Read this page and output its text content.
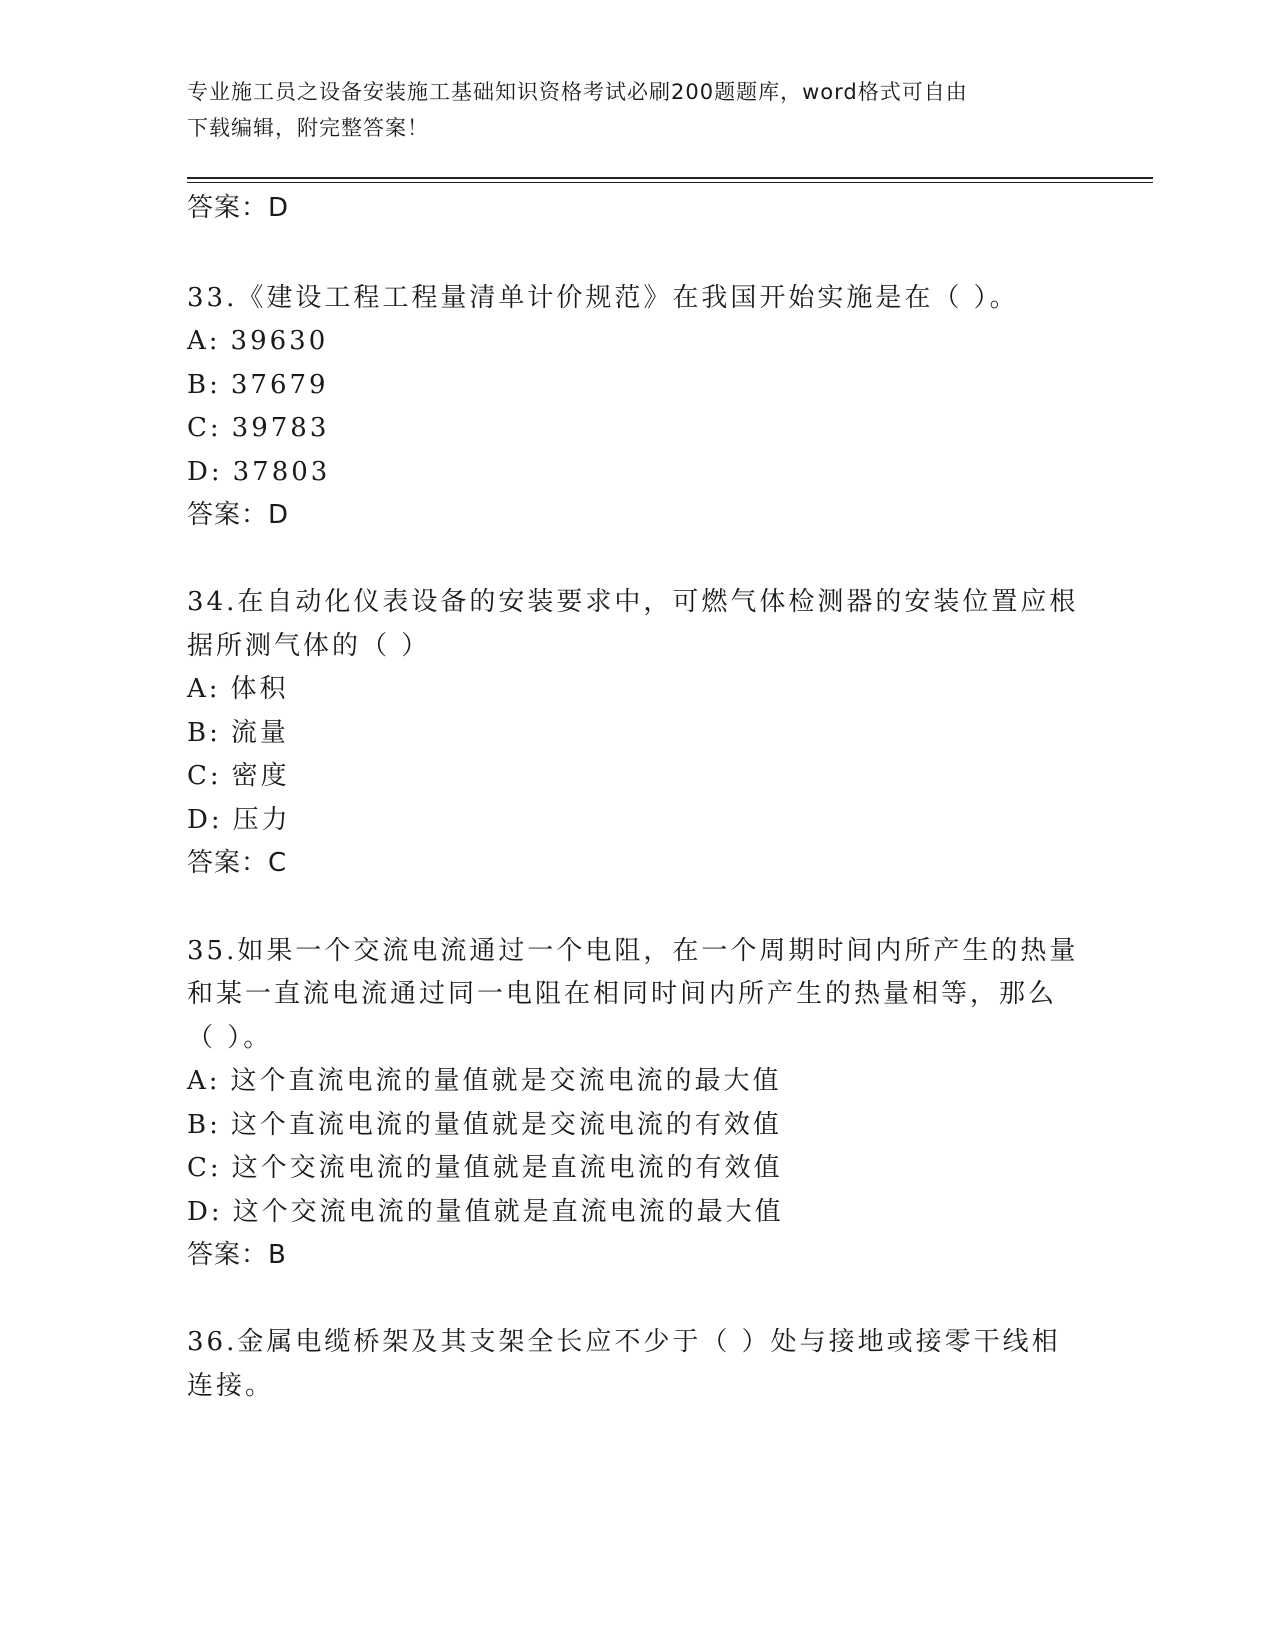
专业施工员之设备安装施工基础知识资格考试必刷200题题库，word格式可自由
下载编辑，附完整答案！
答案：D
33.《建设工程工程量清单计价规范》在我国开始实施是在（ ）。
A: 39630
B: 37679
C: 39783
D: 37803
答案：D
34.在自动化仪表设备的安装要求中，可燃气体检测器的安装位置应根
据所测气体的（ ）
A: 体积
B: 流量
C: 密度
D: 压力
答案：C
35.如果一个交流电流通过一个电阻，在一个周期时间内所产生的热量
和某一直流电流通过同一电阻在相同时间内所产生的热量相等，那么
（ ）。
A: 这个直流电流的量值就是交流电流的最大值
B: 这个直流电流的量值就是交流电流的有效值
C: 这个交流电流的量值就是直流电流的有效值
D: 这个交流电流的量值就是直流电流的最大值
答案：B
36.金属电缆桥架及其支架全长应不少于（ ）处与接地或接零干线相
连接。
